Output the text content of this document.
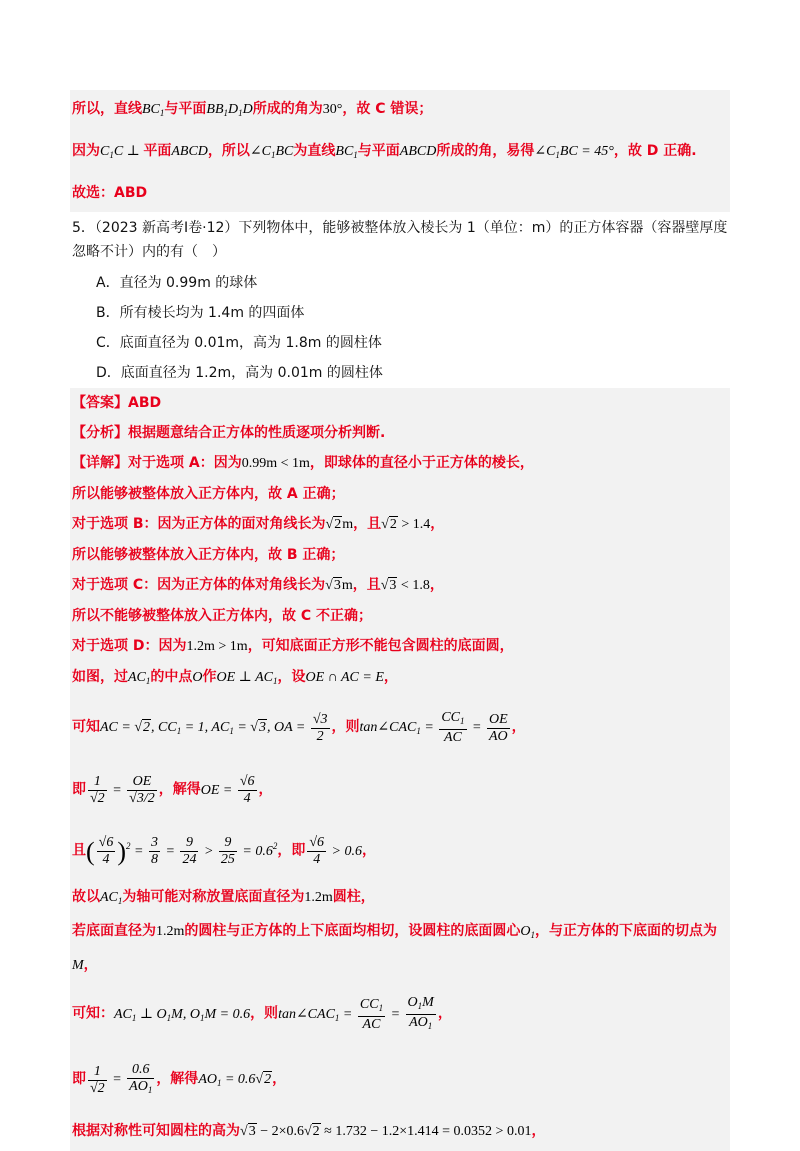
所以，直线$BC_1$与平面$BB_1D_1D$所成的角为30°，故 C 错误；
因为$C_1C$ ⊥ 平面ABCD，所以$\angle C_1BC$为直线$BC_1$与平面ABCD所成的角，易得$\angle C_1BC = 45^\circ$，故 D 正确.
故选：ABD
5．（2023 新高考Ⅰ卷·12）下列物体中，能够被整体放入棱长为 1（单位：m）的正方体容器（容器壁厚度忽略不计）内的有（　）
A．直径为 0.99m 的球体
B．所有棱长均为 1.4m 的四面体
C．底面直径为 0.01m，高为 1.8m 的圆柱体
D．底面直径为 1.2m，高为 0.01m 的圆柱体
【答案】ABD
【分析】根据题意结合正方体的性质逐项分析判断.
【详解】对于选项 A：因为0.99m < 1m，即球体的直径小于正方体的棱长，
所以能够被整体放入正方体内，故 A 正确；
对于选项 B：因为正方体的面对角线长为√2m，且√2 > 1.4，
所以能够被整体放入正方体内，故 B 正确；
对于选项 C：因为正方体的体对角线长为√3m，且√3 < 1.8，
所以不能够被整体放入正方体内，故 C 不正确；
对于选项 D：因为1.2m > 1m，可知底面正方形不能包含圆柱的底面圆，
如图，过$AC_1$的中点O作OE ⊥ $AC_1$，设OE ∩ AC = E，
可知AC = √2, $CC_1 = 1$, $AC_1 = √3$, OA = $\frac{√3}{2}$ ，则$\tan\angle CAC_1 = \frac{CC_1}{AC} = \frac{OE}{AO}$ ，
即 $\frac{1}{√2} = \frac{OE}{√3/2}$ ，解得OE = $\frac{√6}{4}$ ，
且( $\frac{√6}{4} )^2 = \frac{3}{8} = \frac{9}{24} > \frac{9}{25} = 0.6^2$，即 $\frac{√6}{4} > 0.6$，
故以$AC_1$为轴可能对称放置底面直径为1.2m圆柱，
若底面直径为1.2m的圆柱与正方体的上下底面均相切，设圆柱的底面圆心$O_1$，与正方体的下底面的切点为
M，
可知：$AC_1$ ⊥ $O_1M$, $O_1M = 0.6$，则$\tan\angle CAC_1 = \frac{CC_1}{AC} = \frac{O_1M}{AO_1}$ ，
即 $\frac{1}{√2} = \frac{0.6}{AO_1}$ ，解得$AO_1 = 0.6√2$，
根据对称性可知圆柱的高为√3 − 2×0.6√2 ≈ 1.732 − 1.2×1.414 = 0.0352 > 0.01，
